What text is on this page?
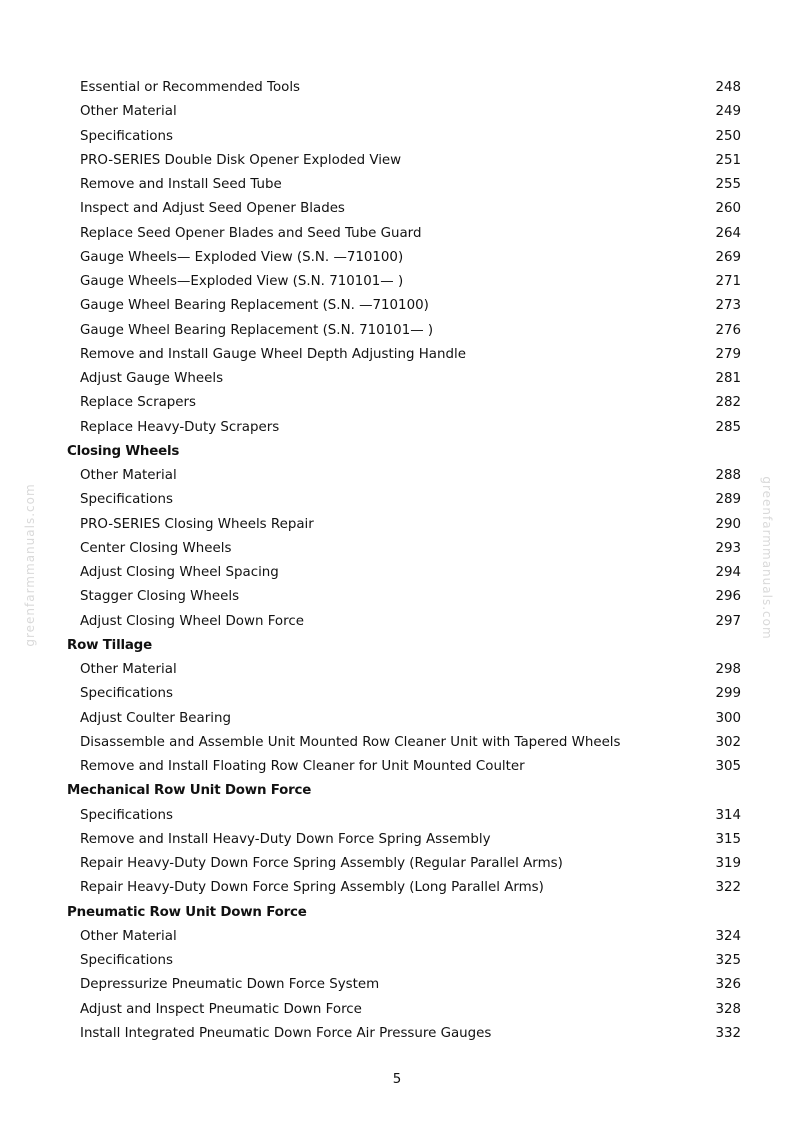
greenfarmmanuals.com	greenfarmmanuals.com
Essential or Recommended Tools	248
Other Material	249
Specifications	250
PRO-SERIES Double Disk Opener Exploded View	251
Remove and Install Seed Tube	255
Inspect and Adjust Seed Opener Blades	260
Replace Seed Opener Blades and Seed Tube Guard	264
Gauge Wheels— Exploded View (S.N. —710100)	269
Gauge Wheels—Exploded View (S.N. 710101— )	271
Gauge Wheel Bearing Replacement (S.N. —710100)	273
Gauge Wheel Bearing Replacement (S.N. 710101— )	276
Remove and Install Gauge Wheel Depth Adjusting Handle	279
Adjust Gauge Wheels	281
Replace Scrapers	282
Replace Heavy-Duty Scrapers	285
Closing Wheels
Other Material	288
Specifications	289
PRO-SERIES Closing Wheels Repair	290
Center Closing Wheels	293
Adjust Closing Wheel Spacing	294
Stagger Closing Wheels	296
Adjust Closing Wheel Down Force	297
Row Tillage
Other Material	298
Specifications	299
Adjust Coulter Bearing	300
Disassemble and Assemble Unit Mounted Row Cleaner Unit with Tapered Wheels	302
Remove and Install Floating Row Cleaner for Unit Mounted Coulter	305
Mechanical Row Unit Down Force
Specifications	314
Remove and Install Heavy-Duty Down Force Spring Assembly	315
Repair Heavy-Duty Down Force Spring Assembly (Regular Parallel Arms)	319
Repair Heavy-Duty Down Force Spring Assembly (Long Parallel Arms)	322
Pneumatic Row Unit Down Force
Other Material	324
Specifications	325
Depressurize Pneumatic Down Force System	326
Adjust and Inspect Pneumatic Down Force	328
Install Integrated Pneumatic Down Force Air Pressure Gauges	332
5
